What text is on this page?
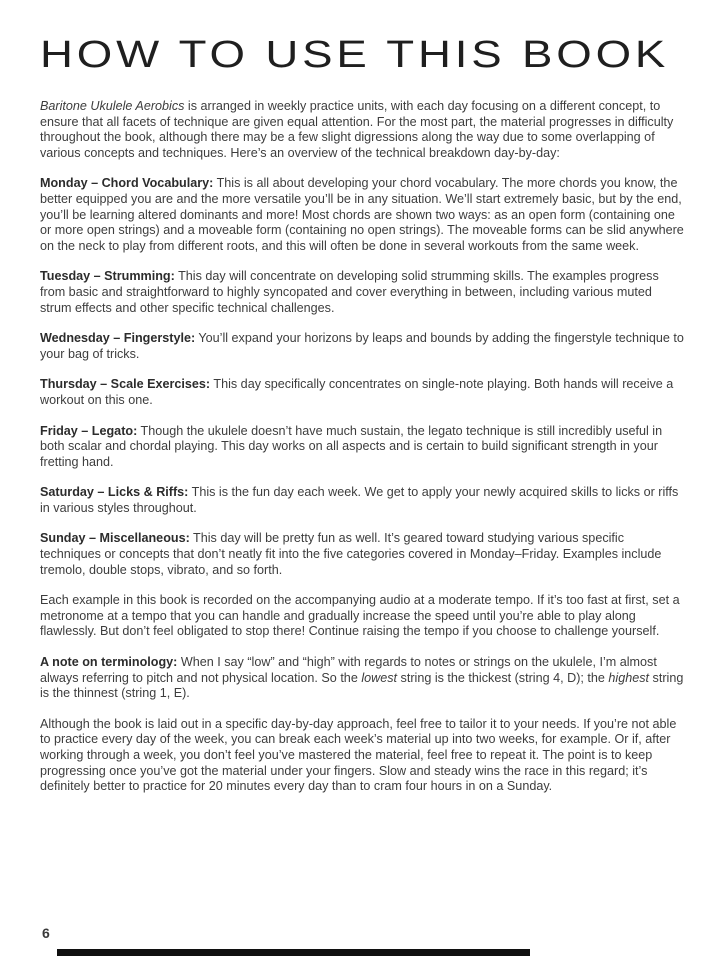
HOW TO USE THIS BOOK

Baritone Ukulele Aerobics is arranged in weekly practice units, with each day focusing on a different concept, to ensure that all facets of technique are given equal attention. For the most part, the material progresses in difficulty throughout the book, although there may be a few slight digressions along the way due to some overlapping of various concepts and techniques. Here’s an overview of the technical breakdown day-by-day:

Monday – Chord Vocabulary: This is all about developing your chord vocabulary. The more chords you know, the better equipped you are and the more versatile you’ll be in any situation. We’ll start extremely basic, but by the end, you’ll be learning altered dominants and more! Most chords are shown two ways: as an open form (containing one or more open strings) and a moveable form (containing no open strings). The moveable forms can be slid anywhere on the neck to play from different roots, and this will often be done in several workouts from the same week.

Tuesday – Strumming: This day will concentrate on developing solid strumming skills. The examples progress from basic and straightforward to highly syncopated and cover everything in between, including various muted strum effects and other specific technical challenges.

Wednesday – Fingerstyle: You’ll expand your horizons by leaps and bounds by adding the fingerstyle technique to your bag of tricks.

Thursday – Scale Exercises: This day specifically concentrates on single-note playing. Both hands will receive a workout on this one.

Friday – Legato: Though the ukulele doesn’t have much sustain, the legato technique is still incredibly useful in both scalar and chordal playing. This day works on all aspects and is certain to build significant strength in your fretting hand.

Saturday – Licks & Riffs: This is the fun day each week. We get to apply your newly acquired skills to licks or riffs in various styles throughout.

Sunday – Miscellaneous: This day will be pretty fun as well. It’s geared toward studying various specific techniques or concepts that don’t neatly fit into the five categories covered in Monday–Friday. Examples include tremolo, double stops, vibrato, and so forth.

Each example in this book is recorded on the accompanying audio at a moderate tempo. If it’s too fast at first, set a metronome at a tempo that you can handle and gradually increase the speed until you’re able to play along flawlessly. But don’t feel obligated to stop there! Continue raising the tempo if you choose to challenge yourself.

A note on terminology: When I say “low” and “high” with regards to notes or strings on the ukulele, I’m almost always referring to pitch and not physical location. So the lowest string is the thickest (string 4, D); the highest string is the thinnest (string 1, E).

Although the book is laid out in a specific day-by-day approach, feel free to tailor it to your needs. If you’re not able to practice every day of the week, you can break each week’s material up into two weeks, for example. Or if, after working through a week, you don’t feel you’ve mastered the material, feel free to repeat it. The point is to keep progressing once you’ve got the material under your fingers. Slow and steady wins the race in this regard; it’s definitely better to practice for 20 minutes every day than to cram four hours in on a Sunday.

6
